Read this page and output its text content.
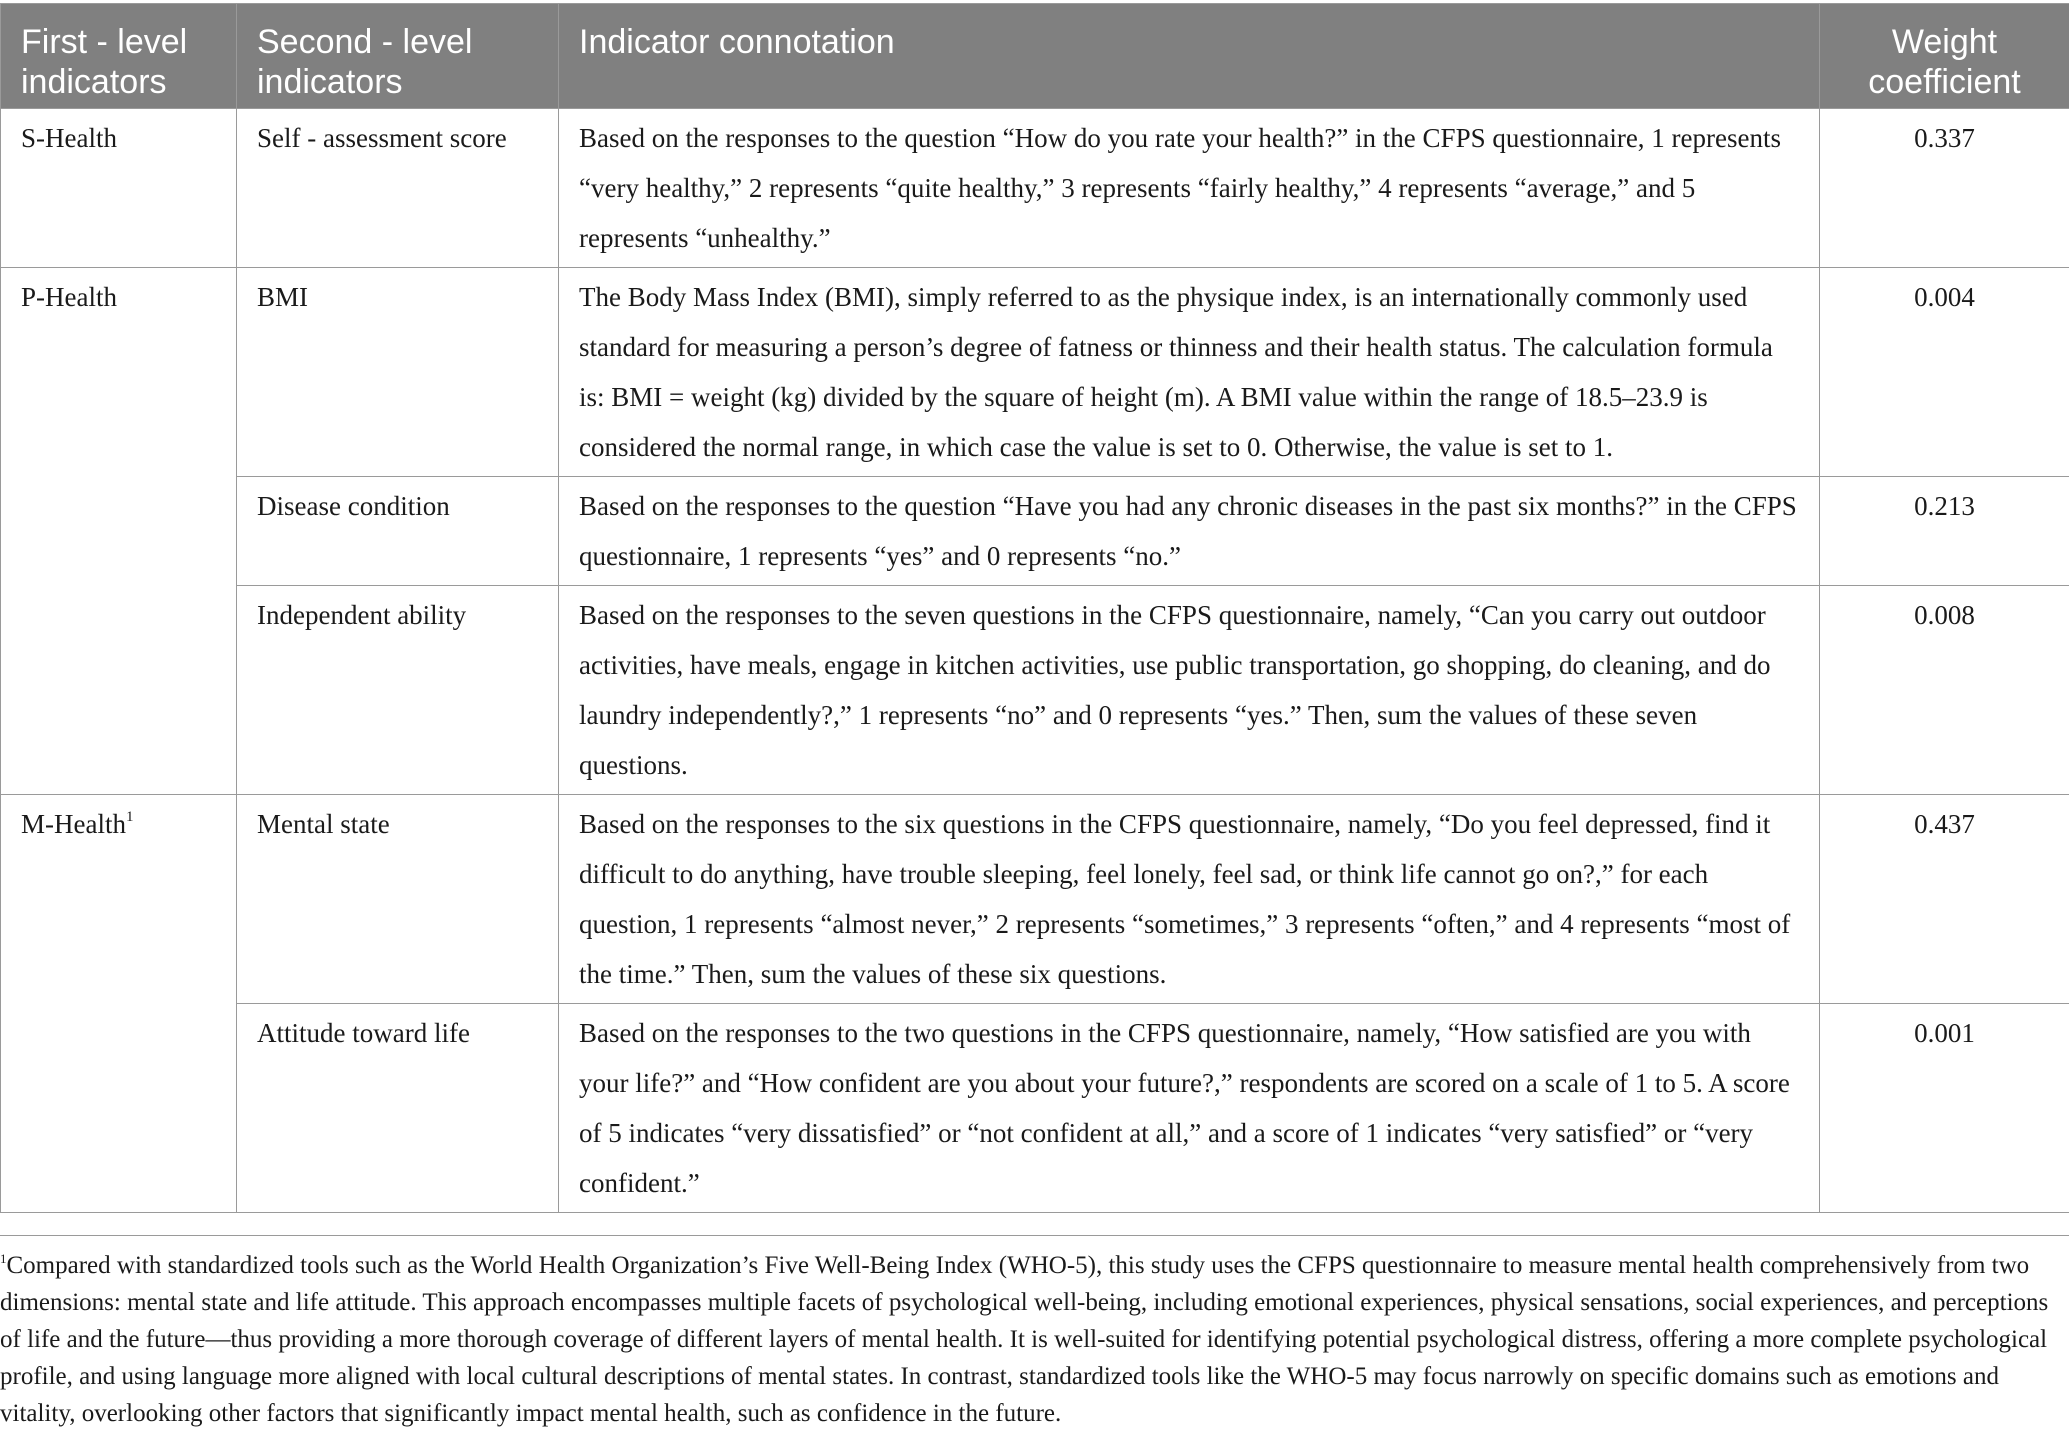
First - level indicators	Second - level indicators	Indicator connotation	Weight coefficient
S-Health	Self - assessment score	Based on the responses to the question “How do you rate your health?” in the CFPS questionnaire, 1 represents “very healthy,” 2 represents “quite healthy,” 3 represents “fairly healthy,” 4 represents “average,” and 5 represents “unhealthy.”	0.337
P-Health	BMI	The Body Mass Index (BMI), simply referred to as the physique index, is an internationally commonly used standard for measuring a person’s degree of fatness or thinness and their health status. The calculation formula is: BMI = weight (kg) divided by the square of height (m). A BMI value within the range of 18.5–23.9 is considered the normal range, in which case the value is set to 0. Otherwise, the value is set to 1.	0.004
	Disease condition	Based on the responses to the question “Have you had any chronic diseases in the past six months?” in the CFPS questionnaire, 1 represents “yes” and 0 represents “no.”	0.213
	Independent ability	Based on the responses to the seven questions in the CFPS questionnaire, namely, “Can you carry out outdoor activities, have meals, engage in kitchen activities, use public transportation, go shopping, do cleaning, and do laundry independently?,” 1 represents “no” and 0 represents “yes.” Then, sum the values of these seven questions.	0.008
M-Health$^1$	Mental state	Based on the responses to the six questions in the CFPS questionnaire, namely, “Do you feel depressed, find it difficult to do anything, have trouble sleeping, feel lonely, feel sad, or think life cannot go on?,” for each question, 1 represents “almost never,” 2 represents “sometimes,” 3 represents “often,” and 4 represents “most of the time.” Then, sum the values of these six questions.	0.437
	Attitude toward life	Based on the responses to the two questions in the CFPS questionnaire, namely, “How satisfied are you with your life?” and “How confident are you about your future?,” respondents are scored on a scale of 1 to 5. A score of 5 indicates “very dissatisfied” or “not confident at all,” and a score of 1 indicates “very satisfied” or “very confident.”	0.001
$^1$Compared with standardized tools such as the World Health Organization’s Five Well-Being Index (WHO-5), this study uses the CFPS questionnaire to measure mental health comprehensively from two dimensions: mental state and life attitude. This approach encompasses multiple facets of psychological well-being, including emotional experiences, physical sensations, social experiences, and perceptions of life and the future—thus providing a more thorough coverage of different layers of mental health. It is well-suited for identifying potential psychological distress, offering a more complete psychological profile, and using language more aligned with local cultural descriptions of mental states. In contrast, standardized tools like the WHO-5 may focus narrowly on specific domains such as emotions and vitality, overlooking other factors that significantly impact mental health, such as confidence in the future.
